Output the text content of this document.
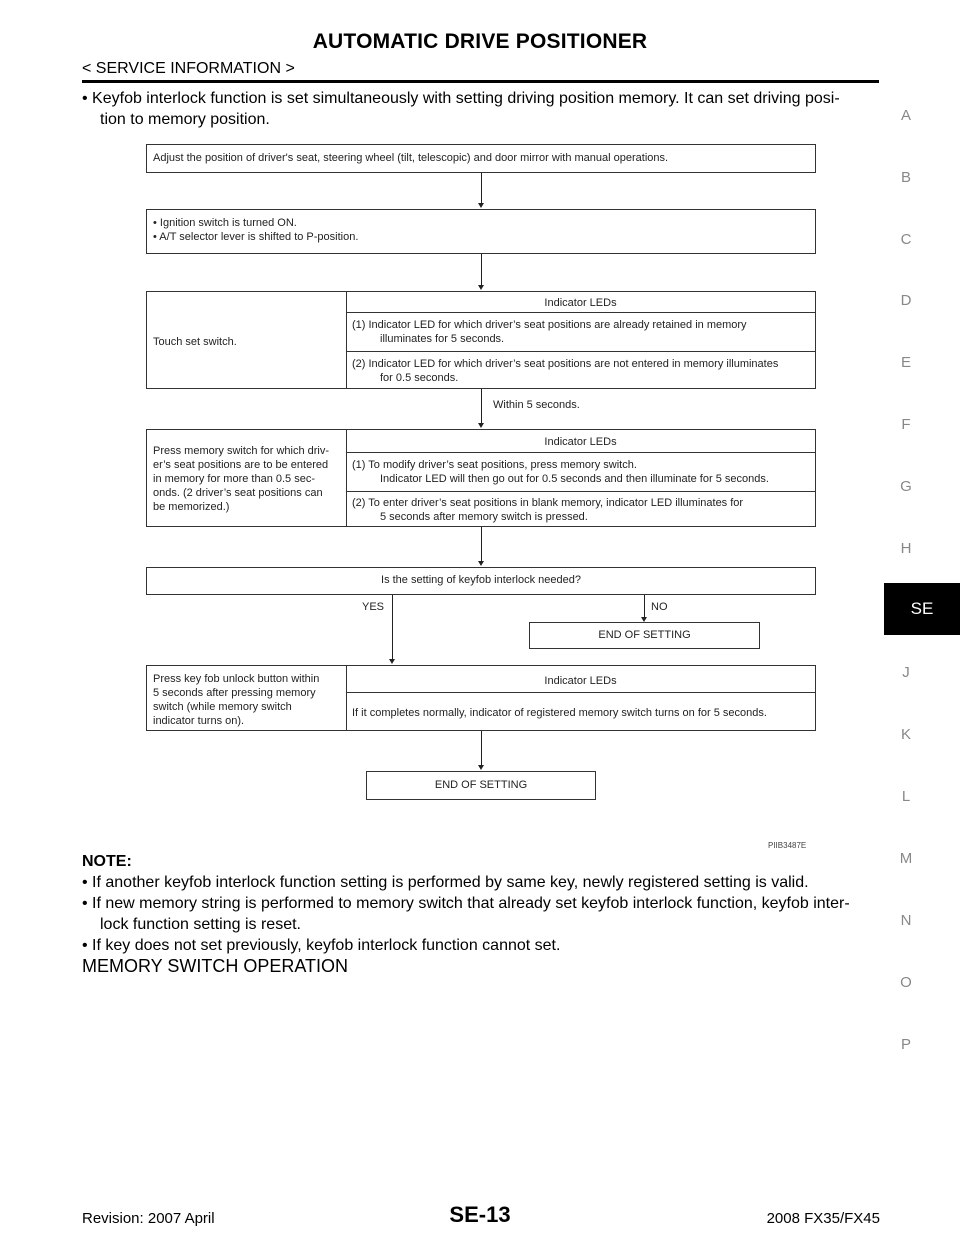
AUTOMATIC DRIVE POSITIONER
< SERVICE INFORMATION >
• Keyfob interlock function is set simultaneously with setting driving position memory. It can set driving posi-
tion to memory position.	A
B
C
D
E
F
G
H
SE
J
K
L
M
N
O
P
Adjust the position of driver's seat, steering wheel (tilt, telescopic) and door mirror with manual operations.
• Ignition switch is turned ON.
• A/T selector lever is shifted to P-position.
Touch set switch.
Indicator LEDs
(1) Indicator LED for which driver’s seat positions are already retained in memory
illuminates for 5 seconds.
(2) Indicator LED for which driver’s seat positions are not entered in memory illuminates
for 0.5 seconds.
Within 5 seconds.
Press memory switch for which driv-
er’s seat positions are to be entered
in memory for more than 0.5 sec-
onds. (2 driver’s seat positions can
be memorized.)
Indicator LEDs
(1) To modify driver’s seat positions, press memory switch.
Indicator LED will then go out for 0.5 seconds and then illuminate for 5 seconds.
(2) To enter driver’s seat positions in blank memory, indicator LED illuminates for
5 seconds after memory switch is pressed.
Is the setting of keyfob interlock needed?
YES	NO
END OF SETTING
Press key fob unlock button within
5 seconds after pressing memory
switch (while memory switch
indicator turns on).
Indicator LEDs
If it completes normally, indicator of registered memory switch turns on for 5 seconds.
END OF SETTING
PIIB3487E
NOTE:
• If another keyfob interlock function setting is performed by same key, newly registered setting is valid.
• If new memory string is performed to memory switch that already set keyfob interlock function, keyfob inter-
lock function setting is reset.
• If key does not set previously, keyfob interlock function cannot set.
MEMORY SWITCH OPERATION
Revision: 2007 April	SE-13	2008 FX35/FX45
